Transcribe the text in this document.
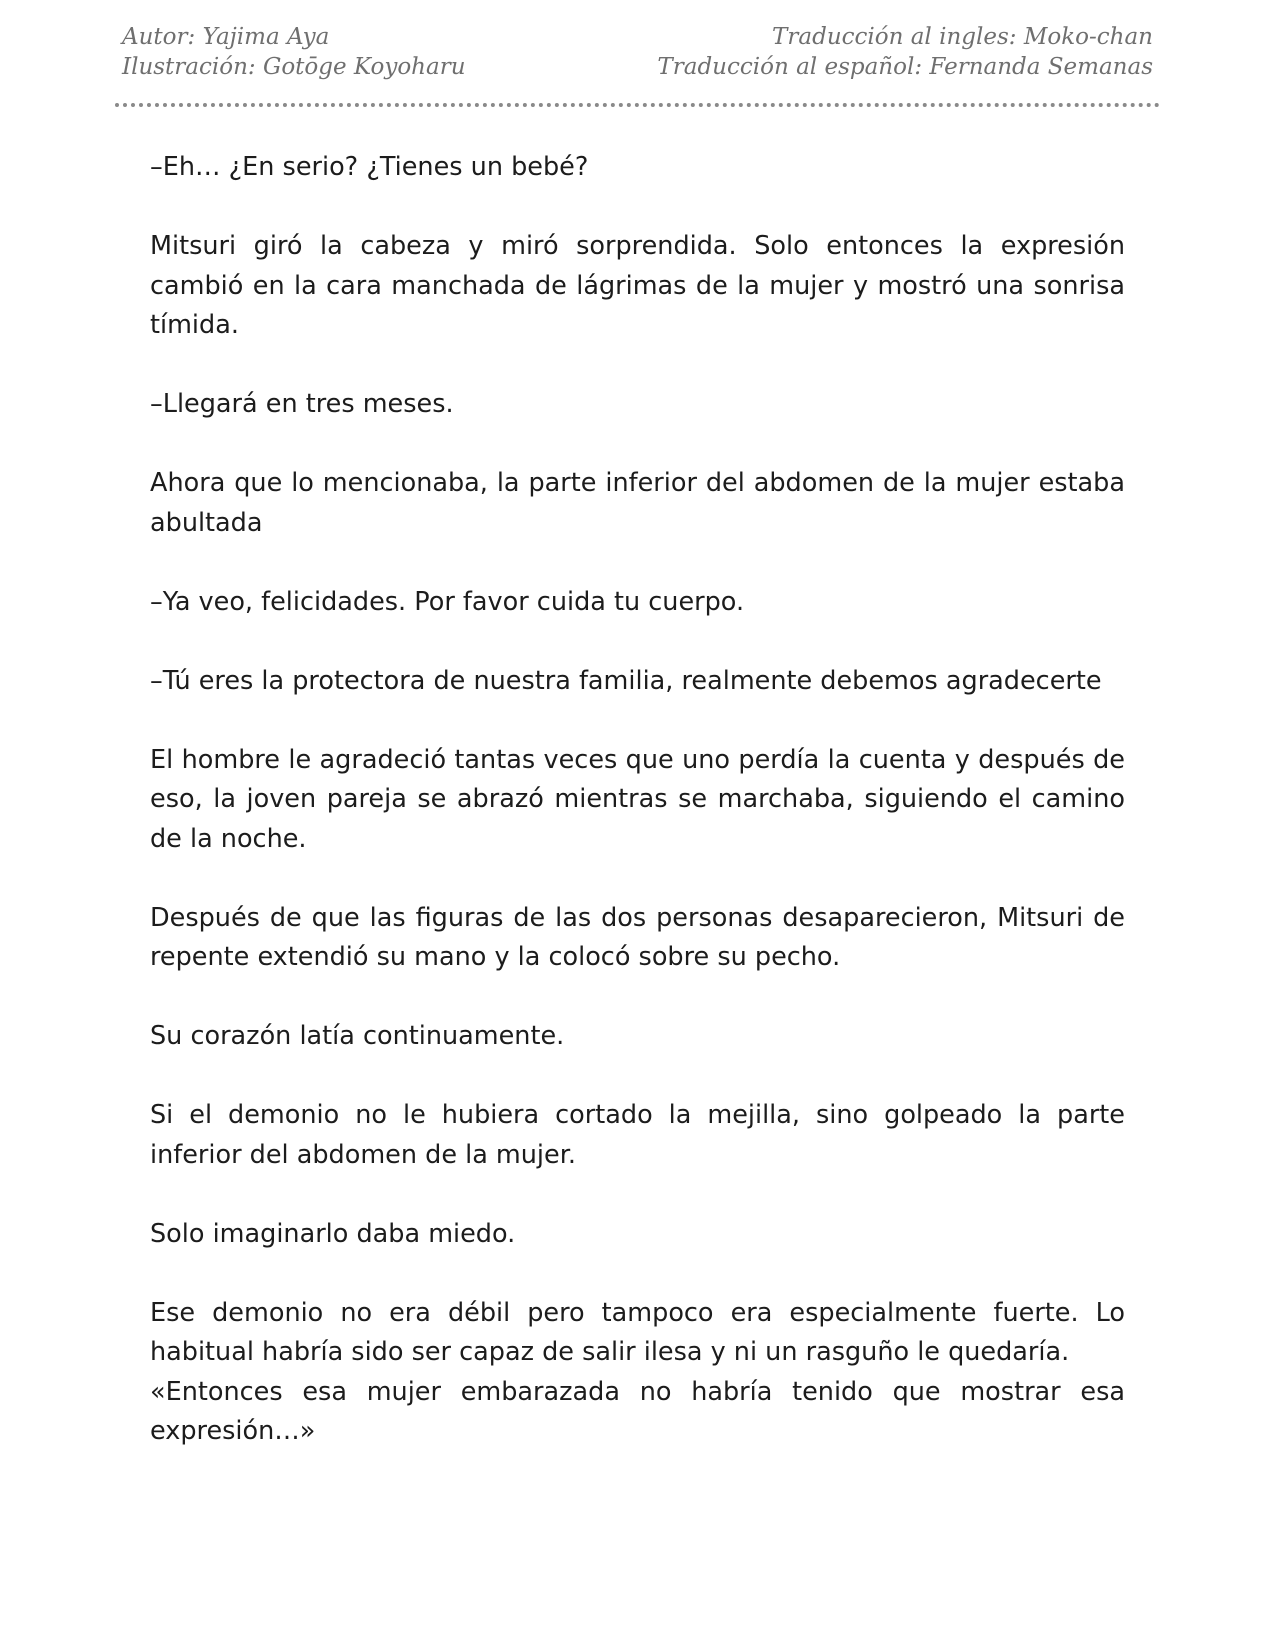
Autor: Yajima Aya
Ilustración: Gotōge Koyoharu
Traducción al ingles: Moko-chan
Traducción al español: Fernanda Semanas

–Eh… ¿En serio? ¿Tienes un bebé?

Mitsuri giró la cabeza y miró sorprendida. Solo entonces la expresión cambió en la cara manchada de lágrimas de la mujer y mostró una sonrisa tímida.

–Llegará en tres meses.

Ahora que lo mencionaba, la parte inferior del abdomen de la mujer estaba abultada

–Ya veo, felicidades. Por favor cuida tu cuerpo.

–Tú eres la protectora de nuestra familia, realmente debemos agradecerte

El hombre le agradeció tantas veces que uno perdía la cuenta y después de eso, la joven pareja se abrazó mientras se marchaba, siguiendo el camino de la noche.

Después de que las figuras de las dos personas desaparecieron, Mitsuri de repente extendió su mano y la colocó sobre su pecho.

Su corazón latía continuamente.

Si el demonio no le hubiera cortado la mejilla, sino golpeado la parte inferior del abdomen de la mujer.

Solo imaginarlo daba miedo.

Ese demonio no era débil pero tampoco era especialmente fuerte. Lo habitual habría sido ser capaz de salir ilesa y ni un rasguño le quedaría.

«Entonces esa mujer embarazada no habría tenido que mostrar esa expresión…»
